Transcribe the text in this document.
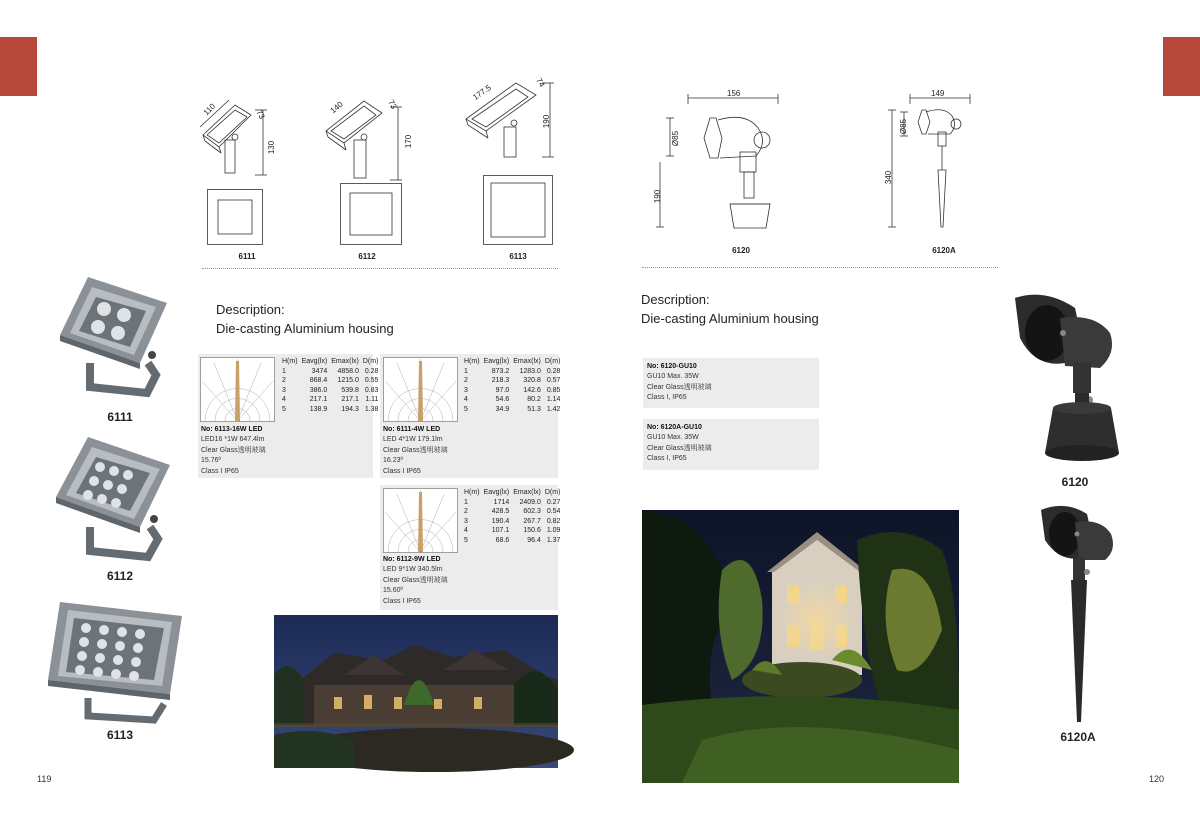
110	73
130
140	73
170
177.5
74
190
6111	6112	6113
6111
6112
6113
Description:
Die-casting Aluminium housing
H(m)	Eavg(lx)	Emax(lx)	D(m)
1	3474	4858.0	0.28
2	868.4	1215.0	0.55
3	386.0	539.8	0.83
4	217.1	217.1	1.11
5	138.9	194.3	1.38
No: 6113-16W LED
LED16 *1W 647.4lm
Clear Glass透明玻璃
15.76º
Class I IP65
H(m)	Eavg(lx)	Emax(lx)	D(m)
1	873.2	1283.0	0.28
2	218.3	320.8	0.57
3	97.0	142.6	0.85
4	54.6	80.2	1.14
5	34.9	51.3	1.42
No: 6111-4W LED
LED 4*1W 179.1lm
Clear Glass透明玻璃
16.23º
Class I IP65
H(m)	Eavg(lx)	Emax(lx)	D(m)
1	1714	2409.0	0.27
2	428.5	602.3	0.54
3	190.4	267.7	0.82
4	107.1	150.6	1.09
5	68.6	96.4	1.37
No: 6112-9W LED
LED 9*1W 340.5lm
Clear Glass透明玻璃
15.60º
Class I IP65
119
156
Ø85
190
149
Ø85
340
6120	6120A
Description:
Die-casting Aluminium housing
No: 6120-GU10
GU10 Max. 35W
Clear Glass透明玻璃
Class I, IP65
No: 6120A-GU10
GU10 Max. 35W
Clear Glass透明玻璃
Class I, IP65
6120
6120A
120
